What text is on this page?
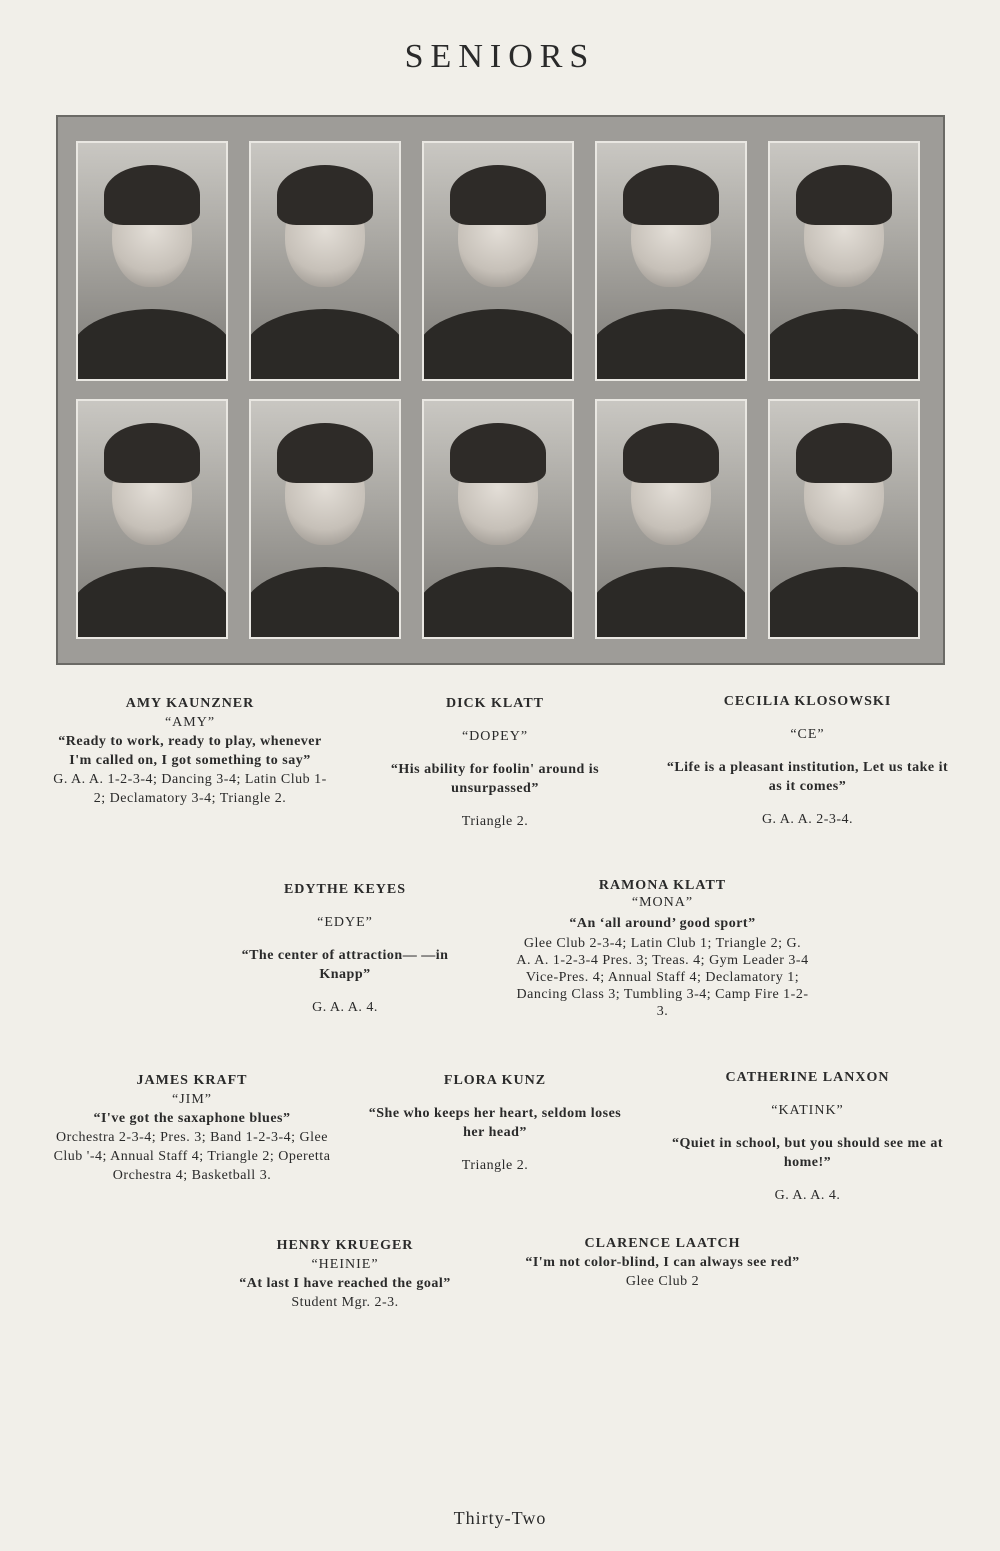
SENIORS
AMY KAUNZNER
“AMY”
“Ready to work, ready to play, whenever I'm called on, I got something to say”
G. A. A. 1-2-3-4; Dancing 3-4; Latin Club 1-2; Declamatory 3-4; Triangle 2.
DICK KLATT
“DOPEY”
“His ability for foolin' around is unsurpassed”
Triangle 2.
CECILIA KLOSOWSKI
“CE”
“Life is a pleasant institution, Let us take it as it comes”
G. A. A. 2-3-4.
EDYTHE KEYES
“EDYE”
“The center of attraction— —in Knapp”
G. A. A. 4.
RAMONA KLATT
“MONA”
“An ‘all around’ good sport”
Glee Club 2-3-4; Latin Club 1; Triangle 2; G. A. A. 1-2-3-4 Pres. 3; Treas. 4; Gym Leader 3-4 Vice-Pres. 4; Annual Staff 4; Declamatory 1; Dancing Class 3; Tumbling 3-4; Camp Fire 1-2-3.
JAMES KRAFT
“JIM”
“I've got the saxaphone blues”
Orchestra 2-3-4; Pres. 3; Band 1-2-3-4; Glee Club '-4; Annual Staff 4; Triangle 2; Operetta Orchestra 4; Basketball 3.
FLORA KUNZ
“She who keeps her heart, seldom loses her head”
Triangle 2.
CATHERINE LANXON
“KATINK”
“Quiet in school, but you should see me at home!”
G. A. A. 4.
HENRY KRUEGER
“HEINIE”
“At last I have reached the goal”
Student Mgr. 2-3.
CLARENCE LAATCH
“I'm not color-blind, I can always see red”
Glee Club 2
Thirty-Two
